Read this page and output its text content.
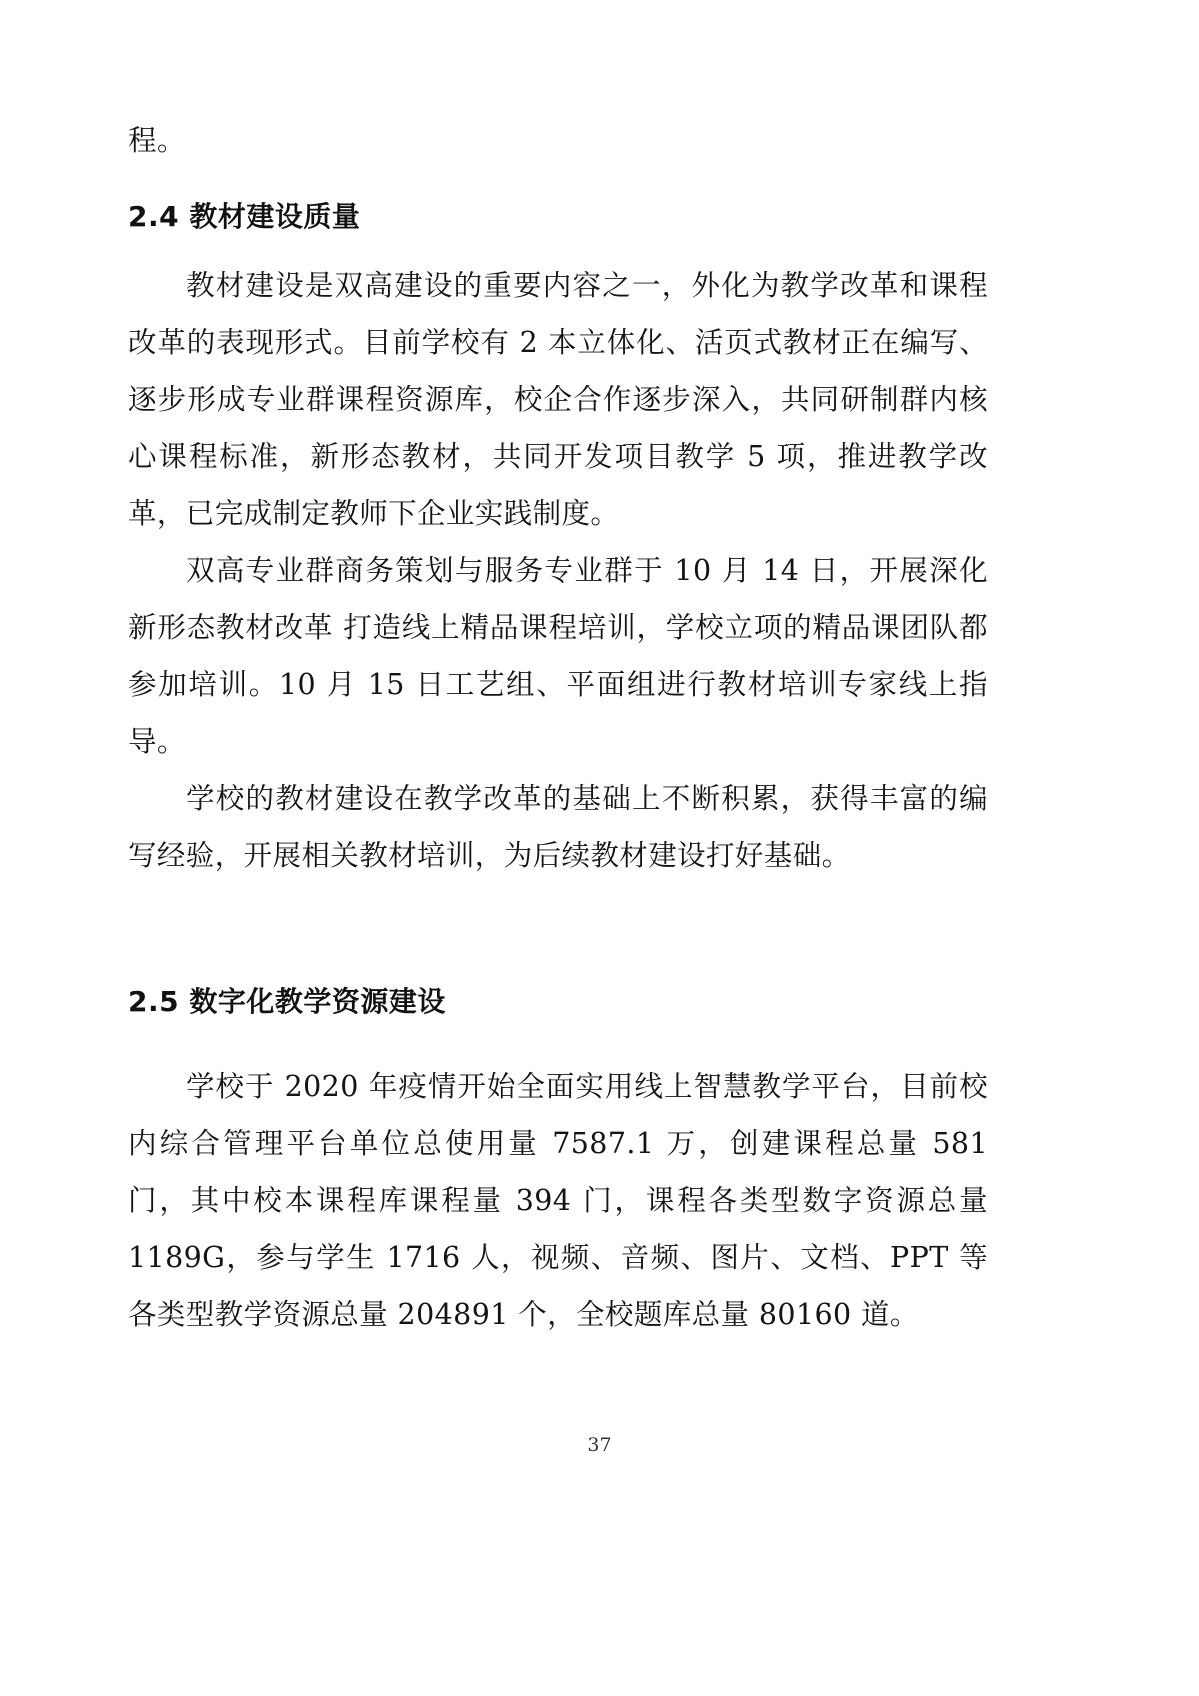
程。

2.4 教材建设质量

教材建设是双高建设的重要内容之一，外化为教学改革和课程改革的表现形式。目前学校有 2 本立体化、活页式教材正在编写、逐步形成专业群课程资源库，校企合作逐步深入，共同研制群内核心课程标准，新形态教材，共同开发项目教学 5 项，推进教学改革，已完成制定教师下企业实践制度。

双高专业群商务策划与服务专业群于 10 月 14 日，开展深化新形态教材改革 打造线上精品课程培训，学校立项的精品课团队都参加培训。10 月 15 日工艺组、平面组进行教材培训专家线上指导。

学校的教材建设在教学改革的基础上不断积累，获得丰富的编写经验，开展相关教材培训，为后续教材建设打好基础。

2.5 数字化教学资源建设

学校于 2020 年疫情开始全面实用线上智慧教学平台，目前校内综合管理平台单位总使用量 7587.1 万，创建课程总量 581 门，其中校本课程库课程量 394 门，课程各类型数字资源总量 1189G，参与学生 1716 人，视频、音频、图片、文档、PPT 等各类型教学资源总量 204891 个，全校题库总量 80160 道。

37
